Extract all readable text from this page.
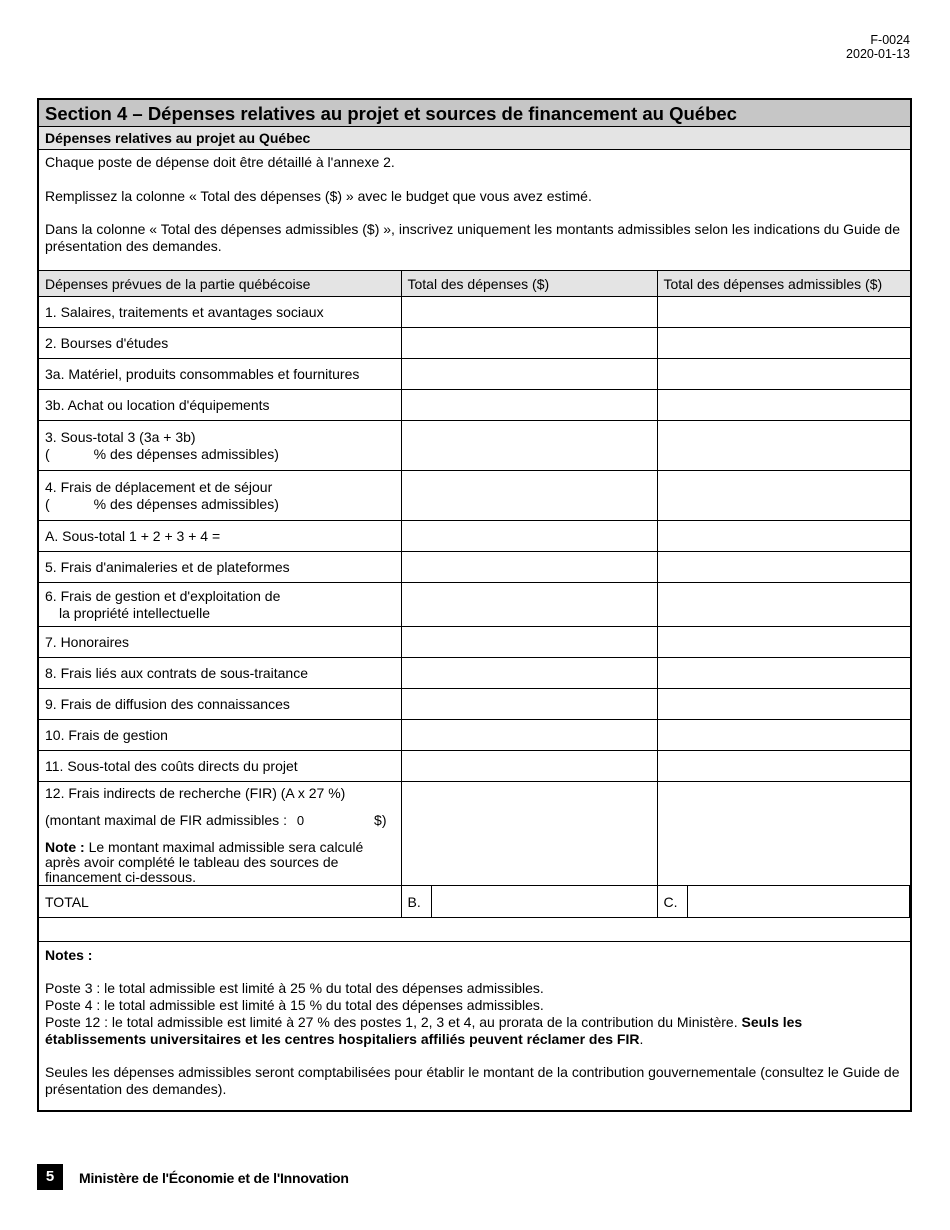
F-0024
2020-01-13
Section 4 – Dépenses relatives au projet et sources de financement au Québec
Dépenses relatives au projet au Québec
Chaque poste de dépense doit être détaillé à l'annexe 2.
Remplissez la colonne « Total des dépenses ($) » avec le budget que vous avez estimé.
Dans la colonne « Total des dépenses admissibles ($) », inscrivez uniquement les montants admissibles selon les indications du Guide de présentation des demandes.
Dépenses prévues de la partie québécoise	Total des dépenses ($)	Total des dépenses admissibles ($)
1. Salaires, traitements et avantages sociaux		
2. Bourses d'études		
3a. Matériel, produits consommables et fournitures		
3b. Achat ou location d'équipements		

3. Sous-total 3 (3a + 3b)
( % des dépenses admissibles)		

4. Frais de déplacement et de séjour
( % des dépenses admissibles)		

A. Sous-total 1 + 2 + 3 + 4 =		
5. Frais d'animaleries et de plateformes		

6. Frais de gestion et d'exploitation de
la propriété intellectuelle		

7. Honoraires		
8. Frais liés aux contrats de sous-traitance		
9. Frais de diffusion des connaissances		
10. Frais de gestion		
11. Sous-total des coûts directs du projet		

12. Frais indirects de recherche (FIR) (A x 27 %)
(montant maximal de FIR admissibles : 0 $)
Note : Le montant maximal admissible sera calculé après avoir complété le tableau des sources de financement ci-dessous.		

TOTAL	B.	C.
Notes :
Poste 3 : le total admissible est limité à 25 % du total des dépenses admissibles.
Poste 4 : le total admissible est limité à 15 % du total des dépenses admissibles.
Poste 12 : le total admissible est limité à 27 % des postes 1, 2, 3 et 4, au prorata de la contribution du Ministère. Seuls les établissements universitaires et les centres hospitaliers affiliés peuvent réclamer des FIR.
Seules les dépenses admissibles seront comptabilisées pour établir le montant de la contribution gouvernementale (consultez le Guide de présentation des demandes).
5	Ministère de l'Économie et de l'Innovation
